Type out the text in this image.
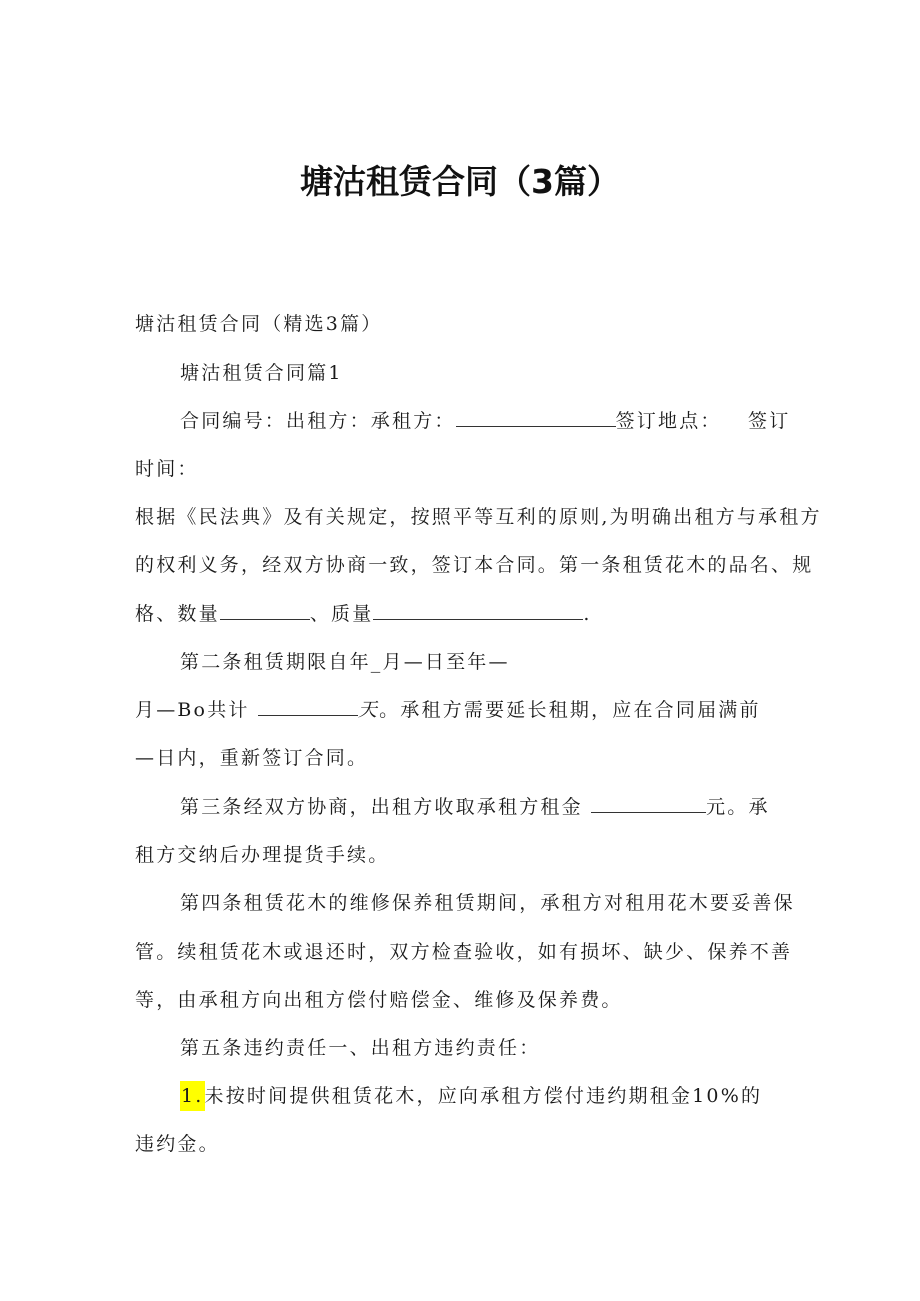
塘沽租赁合同（3篇）
塘沽租赁合同（精选3篇）
塘沽租赁合同篇1
合同编号：出租方：承租方：	签订地点： 签订
时间：
根据《民法典》及有关规定，按照平等互利的原则,为明确出租方与承租方
的权利义务，经双方协商一致，签订本合同。第一条租赁花木的品名、规
格、数量	、质量	.
第二条租赁期限自年_月—日至年—
月—Bo共计	天。承租方需要延长租期，应在合同届满前
—日内，重新签订合同。
第三条经双方协商，出租方收取承租方租金	元。承
租方交纳后办理提货手续。
第四条租赁花木的维修保养租赁期间，承租方对租用花木要妥善保
管。续租赁花木或退还时，双方检查验收，如有损坏、缺少、保养不善
等，由承租方向出租方偿付赔偿金、维修及保养费。
第五条违约责任一、出租方违约责任：
1.未按时间提供租赁花木，应向承租方偿付违约期租金10%的
违约金。
